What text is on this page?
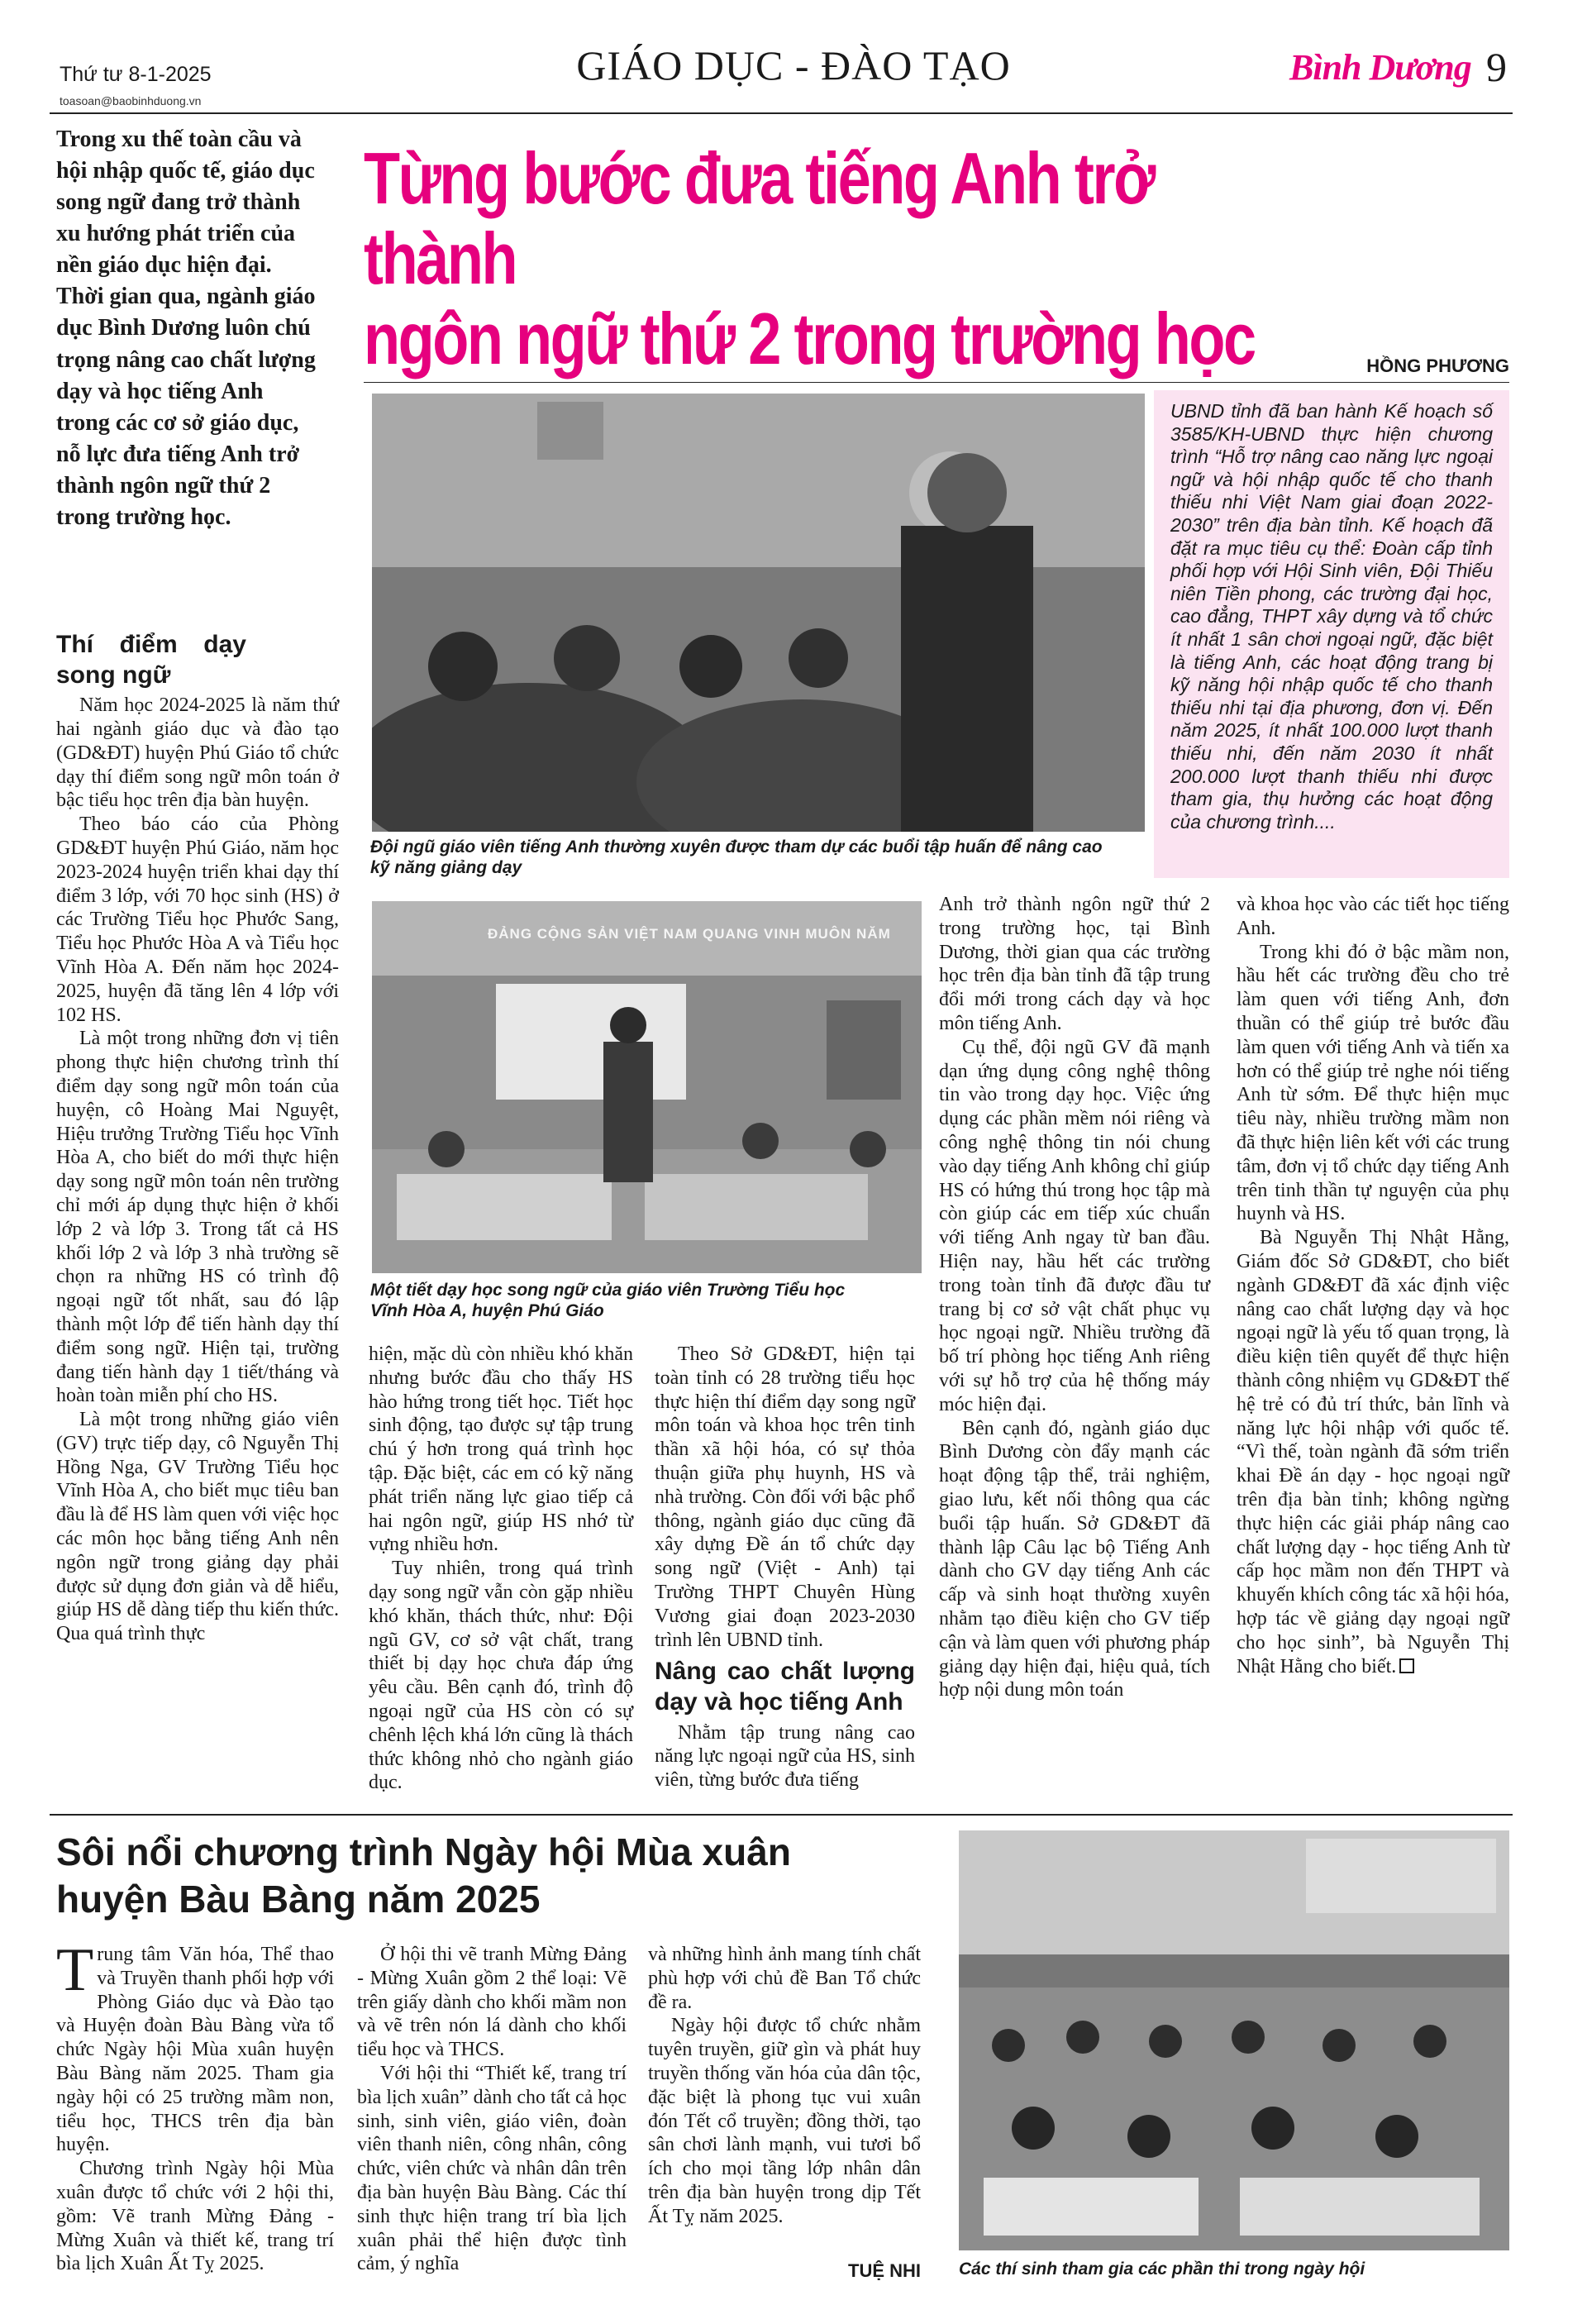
Thứ tư 8-1-2025
toasoan@baobinhduong.vn
GIÁO DỤC - ĐÀO TẠO	Bình Dương 9
Trong xu thế toàn cầu và hội nhập quốc tế, giáo dục song ngữ đang trở thành xu hướng phát triển của nền giáo dục hiện đại. Thời gian qua, ngành giáo dục Bình Dương luôn chú trọng nâng cao chất lượng dạy và học tiếng Anh trong các cơ sở giáo dục, nỗ lực đưa tiếng Anh trở thành ngôn ngữ thứ 2 trong trường học.
Từng bước đưa tiếng Anh trở thành
ngôn ngữ thứ 2 trong trường học	HỒNG PHƯƠNG
Đội ngũ giáo viên tiếng Anh thường xuyên được tham dự các buổi tập huấn để nâng cao kỹ năng giảng dạy

UBND tỉnh đã ban hành Kế hoạch số 3585/KH-UBND thực hiện chương trình “Hỗ trợ nâng cao năng lực ngoại ngữ và hội nhập quốc tế cho thanh thiếu nhi Việt Nam giai đoạn 2022-2030” trên địa bàn tỉnh. Kế hoạch đã đặt ra mục tiêu cụ thể: Đoàn cấp tỉnh phối hợp với Hội Sinh viên, Đội Thiếu niên Tiền phong, các trường đại học, cao đẳng, THPT xây dựng và tổ chức ít nhất 1 sân chơi ngoại ngữ, đặc biệt là tiếng Anh, các hoạt động trang bị kỹ năng hội nhập quốc tế cho thanh thiếu nhi tại địa phương, đơn vị. Đến năm 2025, ít nhất 100.000 lượt thanh thiếu nhi, đến năm 2030 ít nhất 200.000 lượt thanh thiếu nhi được tham gia, thụ hưởng các hoạt động của chương trình....

ĐẢNG CỘNG SẢN VIỆT NAM QUANG VINH MUÔN NĂM
Một tiết dạy học song ngữ của giáo viên Trường Tiểu học Vĩnh Hòa A, huyện Phú Giáo
Thí điểm dạy song ngữ

Năm học 2024-2025 là năm thứ hai ngành giáo dục và đào tạo (GD&ĐT) huyện Phú Giáo tổ chức dạy thí điểm song ngữ môn toán ở bậc tiểu học trên địa bàn huyện.

Theo báo cáo của Phòng GD&ĐT huyện Phú Giáo, năm học 2023-2024 huyện triển khai dạy thí điểm 3 lớp, với 70 học sinh (HS) ở các Trường Tiểu học Phước Sang, Tiểu học Phước Hòa A và Tiểu học Vĩnh Hòa A. Đến năm học 2024-2025, huyện đã tăng lên 4 lớp với 102 HS.

Là một trong những đơn vị tiên phong thực hiện chương trình thí điểm dạy song ngữ môn toán của huyện, cô Hoàng Mai Nguyệt, Hiệu trưởng Trường Tiểu học Vĩnh Hòa A, cho biết do mới thực hiện dạy song ngữ môn toán nên trường chỉ mới áp dụng thực hiện ở khối lớp 2 và lớp 3. Trong tất cả HS khối lớp 2 và lớp 3 nhà trường sẽ chọn ra những HS có trình độ ngoại ngữ tốt nhất, sau đó lập thành một lớp để tiến hành dạy thí điểm song ngữ. Hiện tại, trường đang tiến hành dạy 1 tiết/tháng và hoàn toàn miễn phí cho HS.

Là một trong những giáo viên (GV) trực tiếp dạy, cô Nguyễn Thị Hồng Nga, GV Trường Tiểu học Vĩnh Hòa A, cho biết mục tiêu ban đầu là để HS làm quen với việc học các môn học bằng tiếng Anh nên ngôn ngữ trong giảng dạy phải được sử dụng đơn giản và dễ hiểu, giúp HS dễ dàng tiếp thu kiến thức. Qua quá trình thực

hiện, mặc dù còn nhiều khó khăn nhưng bước đầu cho thấy HS hào hứng trong tiết học. Tiết học sinh động, tạo được sự tập trung chú ý hơn trong quá trình học tập. Đặc biệt, các em có kỹ năng phát triển năng lực giao tiếp cả hai ngôn ngữ, giúp HS nhớ từ vựng nhiều hơn.

Tuy nhiên, trong quá trình dạy song ngữ vẫn còn gặp nhiều khó khăn, thách thức, như: Đội ngũ GV, cơ sở vật chất, trang thiết bị dạy học chưa đáp ứng yêu cầu. Bên cạnh đó, trình độ ngoại ngữ của HS còn có sự chênh lệch khá lớn cũng là thách thức không nhỏ cho ngành giáo dục.

Theo Sở GD&ĐT, hiện tại toàn tỉnh có 28 trường tiểu học thực hiện thí điểm dạy song ngữ môn toán và khoa học trên tinh thần xã hội hóa, có sự thỏa thuận giữa phụ huynh, HS và nhà trường. Còn đối với bậc phổ thông, ngành giáo dục cũng đã xây dựng Đề án tổ chức dạy song ngữ (Việt - Anh) tại Trường THPT Chuyên Hùng Vương giai đoạn 2023-2030 trình lên UBND tỉnh.

Nâng cao chất lượng dạy và học tiếng Anh

Nhằm tập trung nâng cao năng lực ngoại ngữ của HS, sinh viên, từng bước đưa tiếng

Anh trở thành ngôn ngữ thứ 2 trong trường học, tại Bình Dương, thời gian qua các trường học trên địa bàn tỉnh đã tập trung đổi mới trong cách dạy và học môn tiếng Anh.

Cụ thể, đội ngũ GV đã mạnh dạn ứng dụng công nghệ thông tin vào trong dạy học. Việc ứng dụng các phần mềm nói riêng và công nghệ thông tin nói chung vào dạy tiếng Anh không chỉ giúp HS có hứng thú trong học tập mà còn giúp các em tiếp xúc chuẩn với tiếng Anh ngay từ ban đầu. Hiện nay, hầu hết các trường trong toàn tỉnh đã được đầu tư trang bị cơ sở vật chất phục vụ học ngoại ngữ. Nhiều trường đã bố trí phòng học tiếng Anh riêng với sự hỗ trợ của hệ thống máy móc hiện đại.

Bên cạnh đó, ngành giáo dục Bình Dương còn đẩy mạnh các hoạt động tập thể, trải nghiệm, giao lưu, kết nối thông qua các buổi tập huấn. Sở GD&ĐT đã thành lập Câu lạc bộ Tiếng Anh dành cho GV dạy tiếng Anh các cấp và sinh hoạt thường xuyên nhằm tạo điều kiện cho GV tiếp cận và làm quen với phương pháp giảng dạy hiện đại, hiệu quả, tích hợp nội dung môn toán

và khoa học vào các tiết học tiếng Anh.

Trong khi đó ở bậc mầm non, hầu hết các trường đều cho trẻ làm quen với tiếng Anh, đơn thuần có thể giúp trẻ bước đầu làm quen với tiếng Anh và tiến xa hơn có thể giúp trẻ nghe nói tiếng Anh từ sớm. Để thực hiện mục tiêu này, nhiều trường mầm non đã thực hiện liên kết với các trung tâm, đơn vị tổ chức dạy tiếng Anh trên tinh thần tự nguyện của phụ huynh và HS.

Bà Nguyễn Thị Nhật Hằng, Giám đốc Sở GD&ĐT, cho biết ngành GD&ĐT đã xác định việc nâng cao chất lượng dạy và học ngoại ngữ là yếu tố quan trọng, là điều kiện tiên quyết để thực hiện thành công nhiệm vụ GD&ĐT thế hệ trẻ có đủ trí thức, bản lĩnh và năng lực hội nhập với quốc tế. “Vì thế, toàn ngành đã sớm triển khai Đề án dạy - học ngoại ngữ trên địa bàn tỉnh; không ngừng thực hiện các giải pháp nâng cao chất lượng dạy - học tiếng Anh từ cấp học mầm non đến THPT và khuyến khích công tác xã hội hóa, hợp tác về giảng dạy ngoại ngữ cho học sinh”, bà Nguyễn Thị Nhật Hằng cho biết.

Sôi nổi chương trình Ngày hội Mùa xuân
huyện Bàu Bàng năm 2025

Trung tâm Văn hóa, Thể thao và Truyền thanh phối hợp với Phòng Giáo dục và Đào tạo và Huyện đoàn Bàu Bàng vừa tổ chức Ngày hội Mùa xuân huyện Bàu Bàng năm 2025. Tham gia ngày hội có 25 trường mầm non, tiểu học, THCS trên địa bàn huyện.

Chương trình Ngày hội Mùa xuân được tổ chức với 2 hội thi, gồm: Vẽ tranh Mừng Đảng - Mừng Xuân và thiết kế, trang trí bìa lịch Xuân Ất Tỵ 2025.

Ở hội thi vẽ tranh Mừng Đảng - Mừng Xuân gồm 2 thể loại: Vẽ trên giấy dành cho khối mầm non và vẽ trên nón lá dành cho khối tiểu học và THCS.

Với hội thi “Thiết kế, trang trí bìa lịch xuân” dành cho tất cả học sinh, sinh viên, giáo viên, đoàn viên thanh niên, công nhân, công chức, viên chức và nhân dân trên địa bàn huyện Bàu Bàng. Các thí sinh thực hiện trang trí bìa lịch xuân phải thể hiện được tình cảm, ý nghĩa

và những hình ảnh mang tính chất phù hợp với chủ đề Ban Tổ chức đề ra.

Ngày hội được tổ chức nhằm tuyên truyền, giữ gìn và phát huy truyền thống văn hóa của dân tộc, đặc biệt là phong tục vui xuân đón Tết cổ truyền; đồng thời, tạo sân chơi lành mạnh, vui tươi bổ ích cho mọi tầng lớp nhân dân trên địa bàn huyện trong dịp Tết Ất Tỵ năm 2025.

TUỆ NHI Các thí sinh tham gia các phần thi trong ngày hội
